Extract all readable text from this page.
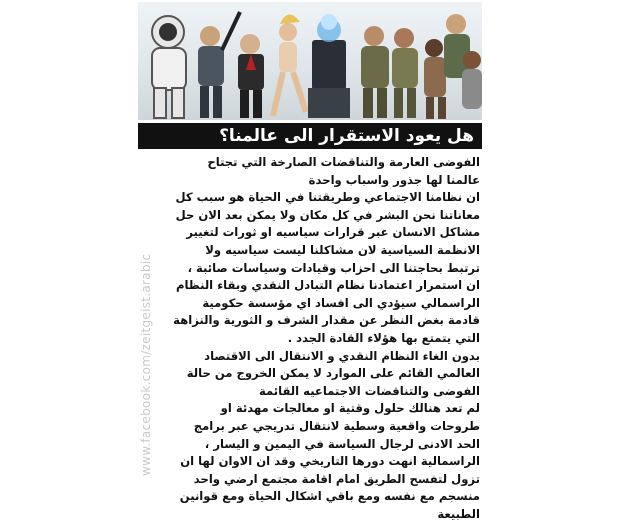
هل يعود الاستقرار الى عالمنا؟
www.facebook.com/zeitgeist.arabic

الفوضى العارمة والتناقضات الصارخة التي تجتاح عالمنا لها جذور واسباب واحدة

ان نظامنا الاجتماعي وطريقتنا في الحياة هو سبب كل معاناتنا نحن البشر في كل مكان ولا يمكن بعد الان حل مشاكل الانسان عبر قرارات سياسيه او ثورات لتغيير الانظمة السياسية لان مشاكلنا ليست سياسيه ولا ترتبط بحاجتنا الى احزاب وقيادات وسياسات صائبة ، ان استمرار اعتمادنا نظام التبادل النقدي وبقاء النظام الراسمالي سيؤدي الى افساد اي مؤسسة حكومية قادمة بغض النظر عن مقدار الشرف و الثورية والنزاهة التي يتمتع بها هؤلاء القادة الجدد .

بدون الغاء النظام النقدي و الانتقال الى الاقتصاد العالمي القائم على الموارد لا يمكن الخروج من حالة الفوضى والتناقضات الاجتماعيه القائمة

لم تعد هنالك حلول وقتية او معالجات مهدئة او طروحات واقعية وسطية لانتقال تدريجي عبر برامج الحد الادنى لرجال السياسة في اليمين و اليسار ، الراسمالية انهت دورها التاريخي وقد ان الاوان لها ان تزول لتفسح الطريق امام اقامة مجتمع ارضي واحد منسجم مع نفسه ومع باقي اشكال الحياة ومع قوانين الطبيعة
